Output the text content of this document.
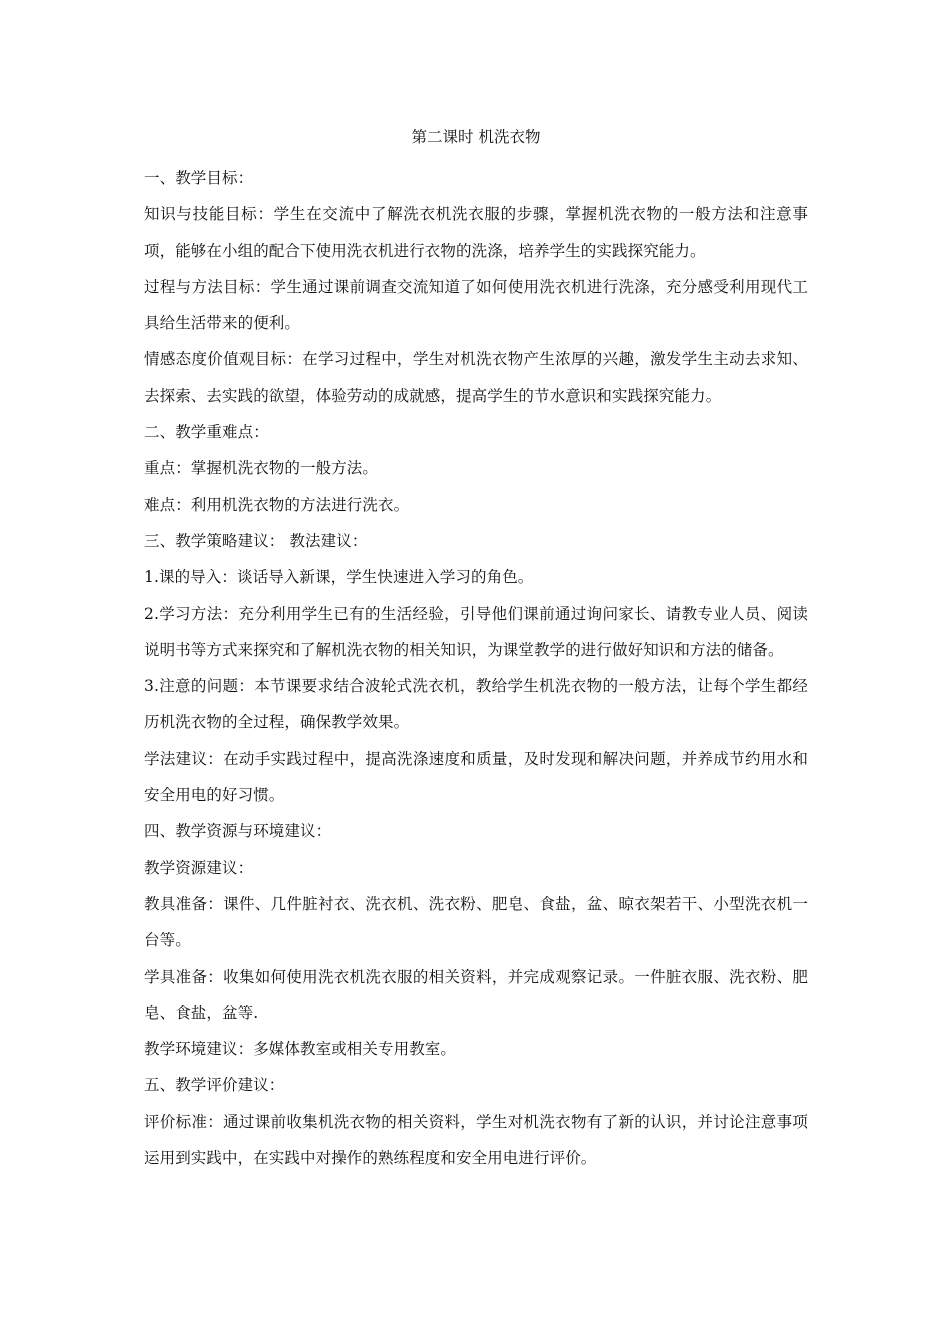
第二课时 机洗衣物

一、教学目标：

知识与技能目标：学生在交流中了解洗衣机洗衣服的步骤，掌握机洗衣物的一般方法和注意事项，能够在小组的配合下使用洗衣机进行衣物的洗涤，培养学生的实践探究能力。

过程与方法目标：学生通过课前调查交流知道了如何使用洗衣机进行洗涤，充分感受利用现代工具给生活带来的便利。

情感态度价值观目标：在学习过程中，学生对机洗衣物产生浓厚的兴趣，激发学生主动去求知、去探索、去实践的欲望，体验劳动的成就感，提高学生的节水意识和实践探究能力。

二、教学重难点：

重点：掌握机洗衣物的一般方法。

难点：利用机洗衣物的方法进行洗衣。

三、教学策略建议： 教法建议：

1.课的导入：谈话导入新课，学生快速进入学习的角色。

2.学习方法：充分利用学生已有的生活经验，引导他们课前通过询问家长、请教专业人员、阅读说明书等方式来探究和了解机洗衣物的相关知识，为课堂教学的进行做好知识和方法的储备。

3.注意的问题：本节课要求结合波轮式洗衣机，教给学生机洗衣物的一般方法，让每个学生都经历机洗衣物的全过程，确保教学效果。

学法建议：在动手实践过程中，提高洗涤速度和质量，及时发现和解决问题，并养成节约用水和安全用电的好习惯。

四、教学资源与环境建议：

教学资源建议：

教具准备：课件、几件脏衬衣、洗衣机、洗衣粉、肥皂、食盐，盆、晾衣架若干、小型洗衣机一台等。

学具准备：收集如何使用洗衣机洗衣服的相关资料，并完成观察记录。一件脏衣服、洗衣粉、肥皂、食盐，盆等.

教学环境建议：多媒体教室或相关专用教室。

五、教学评价建议：

评价标准：通过课前收集机洗衣物的相关资料，学生对机洗衣物有了新的认识，并讨论注意事项运用到实践中，在实践中对操作的熟练程度和安全用电进行评价。
